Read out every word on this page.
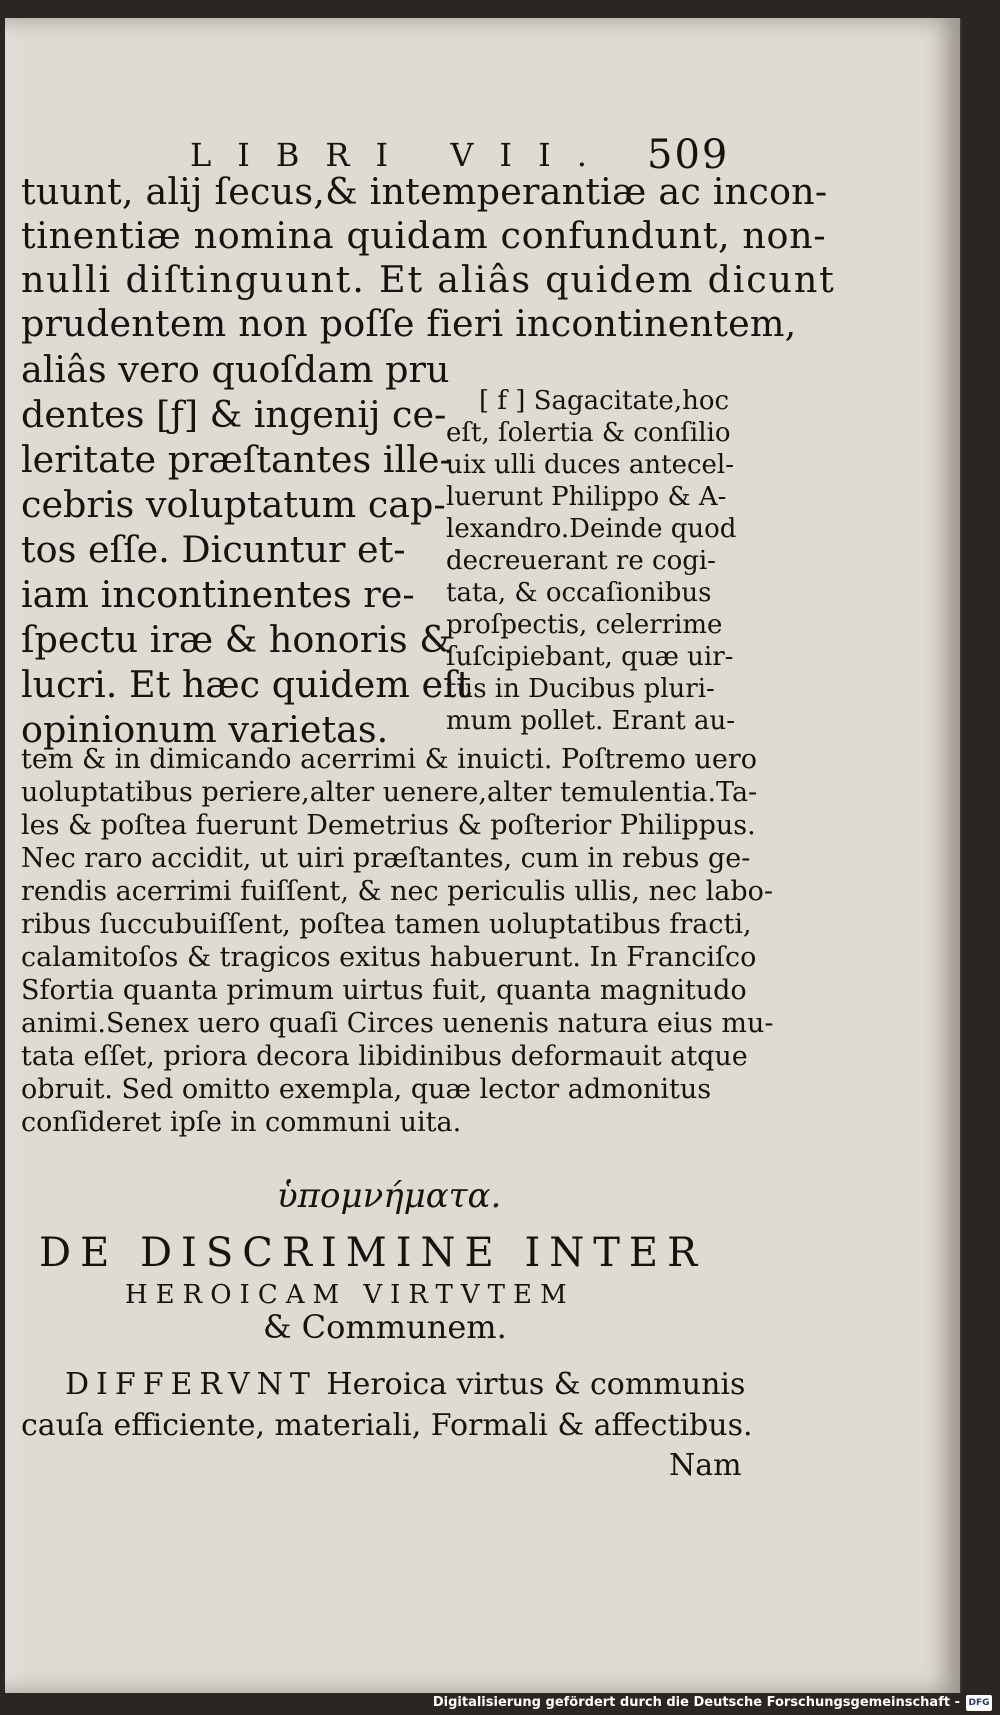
LIBRI VII. 509
tuunt, alij ſecus,& intemperantiæ ac incon-
tinentiæ nomina quidam confundunt, non-
nulli diſtinguunt. Et aliâs quidem dicunt
prudentem non poſſe fieri incontinentem,
aliâs vero quoſdam pru
dentes [ƒ] & ingenij ce-
leritate præſtantes ille-
cebris voluptatum cap-
tos eſſe. Dicuntur et-
iam incontinentes re-
ſpectu iræ & honoris &
lucri. Et hæc quidem eſt
opinionum varietas.
[ f ] Sagacitate,hoc
eſt, ſolertia & conſilio
uix ulli duces antecel-
luerunt Philippo & A-
lexandro.Deinde quod
decreuerant re cogi-
tata, & occaſionibus
proſpectis, celerrime
ſuſcipiebant, quæ uir-
tus in Ducibus pluri-
mum pollet. Erant au-
tem & in dimicando acerrimi & inuicti. Poſtremo uero
uoluptatibus periere,alter uenere,alter temulentia.Ta-
les & poſtea fuerunt Demetrius & poſterior Philippus.
Nec raro accidit, ut uiri præſtantes, cum in rebus ge-
rendis acerrimi fuiſſent, & nec periculis ullis, nec labo-
ribus ſuccubuiſſent, poſtea tamen uoluptatibus fracti,
calamitoſos & tragicos exitus habuerunt. In Franciſco
Sfortia quanta primum uirtus fuit, quanta magnitudo
animi.Senex uero quaſi Circes uenenis natura eius mu-
tata eſſet, priora decora libidinibus deformauit atque
obruit. Sed omitto exempla, quæ lector admonitus
conſideret ipſe in communi uita.
ὑπομνήματα.
DE DISCRIMINE INTER
HEROICAM VIRTVTEM
& Communem.
DIFFERVNT Heroica virtus & communis
cauſa efficiente, materiali, Formali & affectibus.
Nam
Digitalisierung gefördert durch die Deutsche Forschungsgemeinschaft - DFG
